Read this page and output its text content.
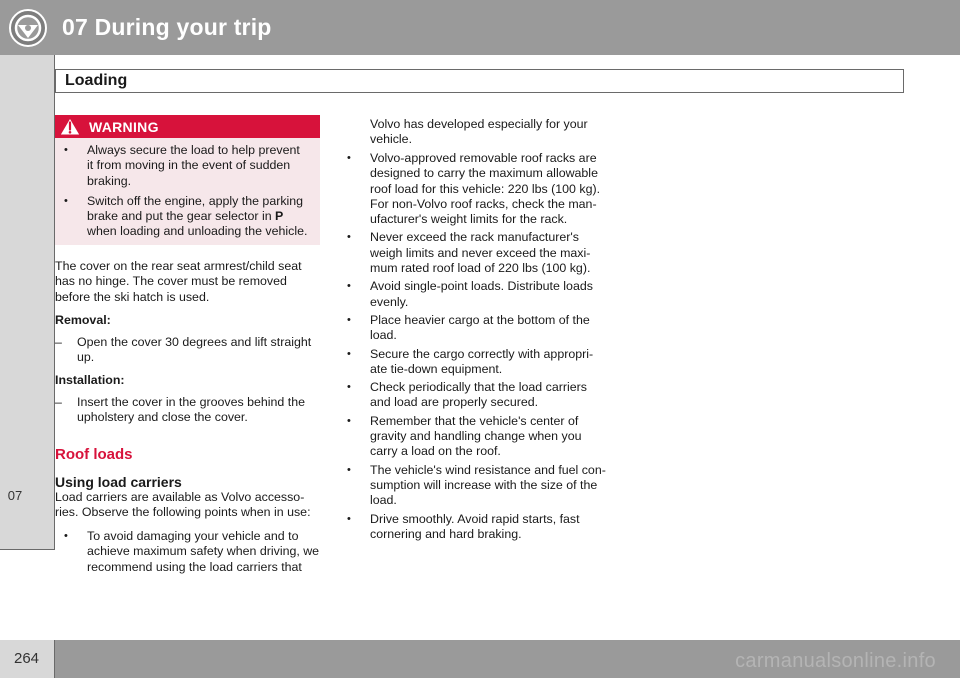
07 During your trip
Loading
07
WARNING
• Always secure the load to help prevent
it from moving in the event of sudden
braking.
• Switch off the engine, apply the parking
brake and put the gear selector in P
when loading and unloading the vehicle.
The cover on the rear seat armrest/child seat
has no hinge. The cover must be removed
before the ski hatch is used.
Removal:
– Open the cover 30 degrees and lift straight
up.
Installation:
– Insert the cover in the grooves behind the
upholstery and close the cover.
Roof loads
Using load carriers
Load carriers are available as Volvo accesso-
ries. Observe the following points when in use:
• To avoid damaging your vehicle and to
achieve maximum safety when driving, we
recommend using the load carriers that
Volvo has developed especially for your
vehicle.
• Volvo-approved removable roof racks are
designed to carry the maximum allowable
roof load for this vehicle: 220 lbs (100 kg).
For non-Volvo roof racks, check the man-
ufacturer's weight limits for the rack.
• Never exceed the rack manufacturer's
weigh limits and never exceed the maxi-
mum rated roof load of 220 lbs (100 kg).
• Avoid single-point loads. Distribute loads
evenly.
• Place heavier cargo at the bottom of the
load.
• Secure the cargo correctly with appropri-
ate tie-down equipment.
• Check periodically that the load carriers
and load are properly secured.
• Remember that the vehicle's center of
gravity and handling change when you
carry a load on the roof.
• The vehicle's wind resistance and fuel con-
sumption will increase with the size of the
load.
• Drive smoothly. Avoid rapid starts, fast
cornering and hard braking.
264	carmanualsonline.info
